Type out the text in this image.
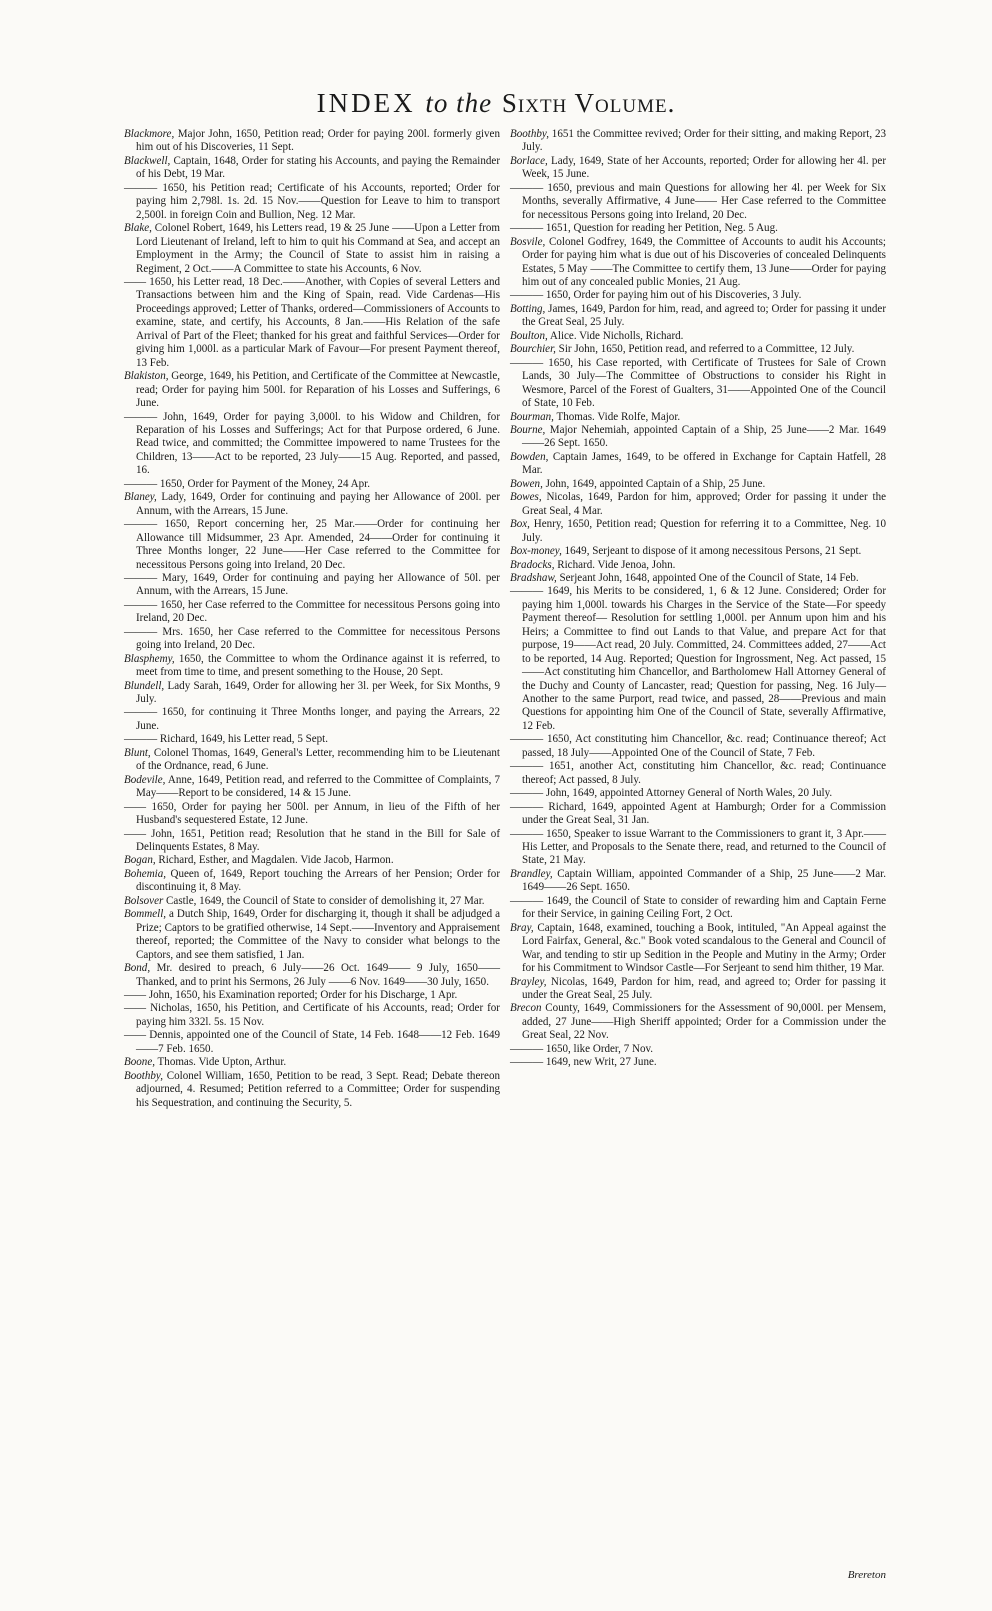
INDEX to the Sixth Volume.

Blackmore, Major John, 1650, Petition read; Order for paying 200l. formerly given him out of his Discoveries, 11 Sept.

Blackwell, Captain, 1648, Order for stating his Accounts, and paying the Remainder of his Debt, 19 Mar.

——— 1650, his Petition read; Certificate of his Accounts, reported; Order for paying him 2,798l. 1s. 2d. 15 Nov.——Question for Leave to him to transport 2,500l. in foreign Coin and Bullion, Neg. 12 Mar.

Blake, Colonel Robert, 1649, his Letters read, 19 & 25 June ——Upon a Letter from Lord Lieutenant of Ireland, left to him to quit his Command at Sea, and accept an Employment in the Army; the Council of State to assist him in raising a Regiment, 2 Oct.——A Committee to state his Accounts, 6 Nov.

—— 1650, his Letter read, 18 Dec.——Another, with Copies of several Letters and Transactions between him and the King of Spain, read. Vide Cardenas—His Proceedings approved; Letter of Thanks, ordered—Commissioners of Accounts to examine, state, and certify, his Accounts, 8 Jan.——His Relation of the safe Arrival of Part of the Fleet; thanked for his great and faithful Services—Order for giving him 1,000l. as a particular Mark of Favour—For present Payment thereof, 13 Feb.

Blakiston, George, 1649, his Petition, and Certificate of the Committee at Newcastle, read; Order for paying him 500l. for Reparation of his Losses and Sufferings, 6 June.

——— John, 1649, Order for paying 3,000l. to his Widow and Children, for Reparation of his Losses and Sufferings; Act for that Purpose ordered, 6 June. Read twice, and committed; the Committee impowered to name Trustees for the Children, 13——Act to be reported, 23 July——15 Aug. Reported, and passed, 16.

——— 1650, Order for Payment of the Money, 24 Apr.

Blaney, Lady, 1649, Order for continuing and paying her Allowance of 200l. per Annum, with the Arrears, 15 June.

——— 1650, Report concerning her, 25 Mar.——Order for continuing her Allowance till Midsummer, 23 Apr. Amended, 24——Order for continuing it Three Months longer, 22 June——Her Case referred to the Committee for necessitous Persons going into Ireland, 20 Dec.

——— Mary, 1649, Order for continuing and paying her Allowance of 50l. per Annum, with the Arrears, 15 June.

——— 1650, her Case referred to the Committee for necessitous Persons going into Ireland, 20 Dec.

——— Mrs. 1650, her Case referred to the Committee for necessitous Persons going into Ireland, 20 Dec.

Blasphemy, 1650, the Committee to whom the Ordinance against it is referred, to meet from time to time, and present something to the House, 20 Sept.

Blundell, Lady Sarah, 1649, Order for allowing her 3l. per Week, for Six Months, 9 July.

——— 1650, for continuing it Three Months longer, and paying the Arrears, 22 June.

——— Richard, 1649, his Letter read, 5 Sept.

Blunt, Colonel Thomas, 1649, General's Letter, recommending him to be Lieutenant of the Ordnance, read, 6 June.

Bodevile, Anne, 1649, Petition read, and referred to the Committee of Complaints, 7 May——Report to be considered, 14 & 15 June.

—— 1650, Order for paying her 500l. per Annum, in lieu of the Fifth of her Husband's sequestered Estate, 12 June.

—— John, 1651, Petition read; Resolution that he stand in the Bill for Sale of Delinquents Estates, 8 May.

Bogan, Richard, Esther, and Magdalen. Vide Jacob, Harmon.

Bohemia, Queen of, 1649, Report touching the Arrears of her Pension; Order for discontinuing it, 8 May.

Bolsover Castle, 1649, the Council of State to consider of demolishing it, 27 Mar.

Bommell, a Dutch Ship, 1649, Order for discharging it, though it shall be adjudged a Prize; Captors to be gratified otherwise, 14 Sept.——Inventory and Appraisement thereof, reported; the Committee of the Navy to consider what belongs to the Captors, and see them satisfied, 1 Jan.

Bond, Mr. desired to preach, 6 July——26 Oct. 1649—— 9 July, 1650——Thanked, and to print his Sermons, 26 July ——6 Nov. 1649——30 July, 1650.

—— John, 1650, his Examination reported; Order for his Discharge, 1 Apr.

—— Nicholas, 1650, his Petition, and Certificate of his Accounts, read; Order for paying him 332l. 5s. 15 Nov.

—— Dennis, appointed one of the Council of State, 14 Feb. 1648——12 Feb. 1649——7 Feb. 1650.

Boone, Thomas. Vide Upton, Arthur.

Boothby, Colonel William, 1650, Petition to be read, 3 Sept. Read; Debate thereon adjourned, 4. Resumed; Petition referred to a Committee; Order for suspending his Sequestration, and continuing the Security, 5.

Boothby, 1651 the Committee revived; Order for their sitting, and making Report, 23 July.

Borlace, Lady, 1649, State of her Accounts, reported; Order for allowing her 4l. per Week, 15 June.

——— 1650, previous and main Questions for allowing her 4l. per Week for Six Months, severally Affirmative, 4 June—— Her Case referred to the Committee for necessitous Persons going into Ireland, 20 Dec.

——— 1651, Question for reading her Petition, Neg. 5 Aug.

Bosvile, Colonel Godfrey, 1649, the Committee of Accounts to audit his Accounts; Order for paying him what is due out of his Discoveries of concealed Delinquents Estates, 5 May ——The Committee to certify them, 13 June——Order for paying him out of any concealed public Monies, 21 Aug.

——— 1650, Order for paying him out of his Discoveries, 3 July.

Botting, James, 1649, Pardon for him, read, and agreed to; Order for passing it under the Great Seal, 25 July.

Boulton, Alice. Vide Nicholls, Richard.

Bourchier, Sir John, 1650, Petition read, and referred to a Committee, 12 July.

——— 1650, his Case reported, with Certificate of Trustees for Sale of Crown Lands, 30 July—The Committee of Obstructions to consider his Right in Wesmore, Parcel of the Forest of Gualters, 31——Appointed One of the Council of State, 10 Feb.

Bourman, Thomas. Vide Rolfe, Major.

Bourne, Major Nehemiah, appointed Captain of a Ship, 25 June——2 Mar. 1649——26 Sept. 1650.

Bowden, Captain James, 1649, to be offered in Exchange for Captain Hatfell, 28 Mar.

Bowen, John, 1649, appointed Captain of a Ship, 25 June.

Bowes, Nicolas, 1649, Pardon for him, approved; Order for passing it under the Great Seal, 4 Mar.

Box, Henry, 1650, Petition read; Question for referring it to a Committee, Neg. 10 July.

Box-money, 1649, Serjeant to dispose of it among necessitous Persons, 21 Sept.

Bradocks, Richard. Vide Jenoa, John.

Bradshaw, Serjeant John, 1648, appointed One of the Council of State, 14 Feb.

——— 1649, his Merits to be considered, 1, 6 & 12 June. Considered; Order for paying him 1,000l. towards his Charges in the Service of the State—For speedy Payment thereof— Resolution for settling 1,000l. per Annum upon him and his Heirs; a Committee to find out Lands to that Value, and prepare Act for that purpose, 19——Act read, 20 July. Committed, 24. Committees added, 27——Act to be reported, 14 Aug. Reported; Question for Ingrossment, Neg. Act passed, 15 ——Act constituting him Chancellor, and Bartholomew Hall Attorney General of the Duchy and County of Lancaster, read; Question for passing, Neg. 16 July—Another to the same Purport, read twice, and passed, 28——Previous and main Questions for appointing him One of the Council of State, severally Affirmative, 12 Feb.

——— 1650, Act constituting him Chancellor, &c. read; Continuance thereof; Act passed, 18 July——Appointed One of the Council of State, 7 Feb.

——— 1651, another Act, constituting him Chancellor, &c. read; Continuance thereof; Act passed, 8 July.

——— John, 1649, appointed Attorney General of North Wales, 20 July.

——— Richard, 1649, appointed Agent at Hamburgh; Order for a Commission under the Great Seal, 31 Jan.

——— 1650, Speaker to issue Warrant to the Commissioners to grant it, 3 Apr.——His Letter, and Proposals to the Senate there, read, and returned to the Council of State, 21 May.

Brandley, Captain William, appointed Commander of a Ship, 25 June——2 Mar. 1649——26 Sept. 1650.

——— 1649, the Council of State to consider of rewarding him and Captain Ferne for their Service, in gaining Ceiling Fort, 2 Oct.

Bray, Captain, 1648, examined, touching a Book, intituled, "An Appeal against the Lord Fairfax, General, &c." Book voted scandalous to the General and Council of War, and tending to stir up Sedition in the People and Mutiny in the Army; Order for his Commitment to Windsor Castle—For Serjeant to send him thither, 19 Mar.

Brayley, Nicolas, 1649, Pardon for him, read, and agreed to; Order for passing it under the Great Seal, 25 July.

Brecon County, 1649, Commissioners for the Assessment of 90,000l. per Mensem, added, 27 June——High Sheriff appointed; Order for a Commission under the Great Seal, 22 Nov.

——— 1650, like Order, 7 Nov.

——— 1649, new Writ, 27 June.

Brereton
